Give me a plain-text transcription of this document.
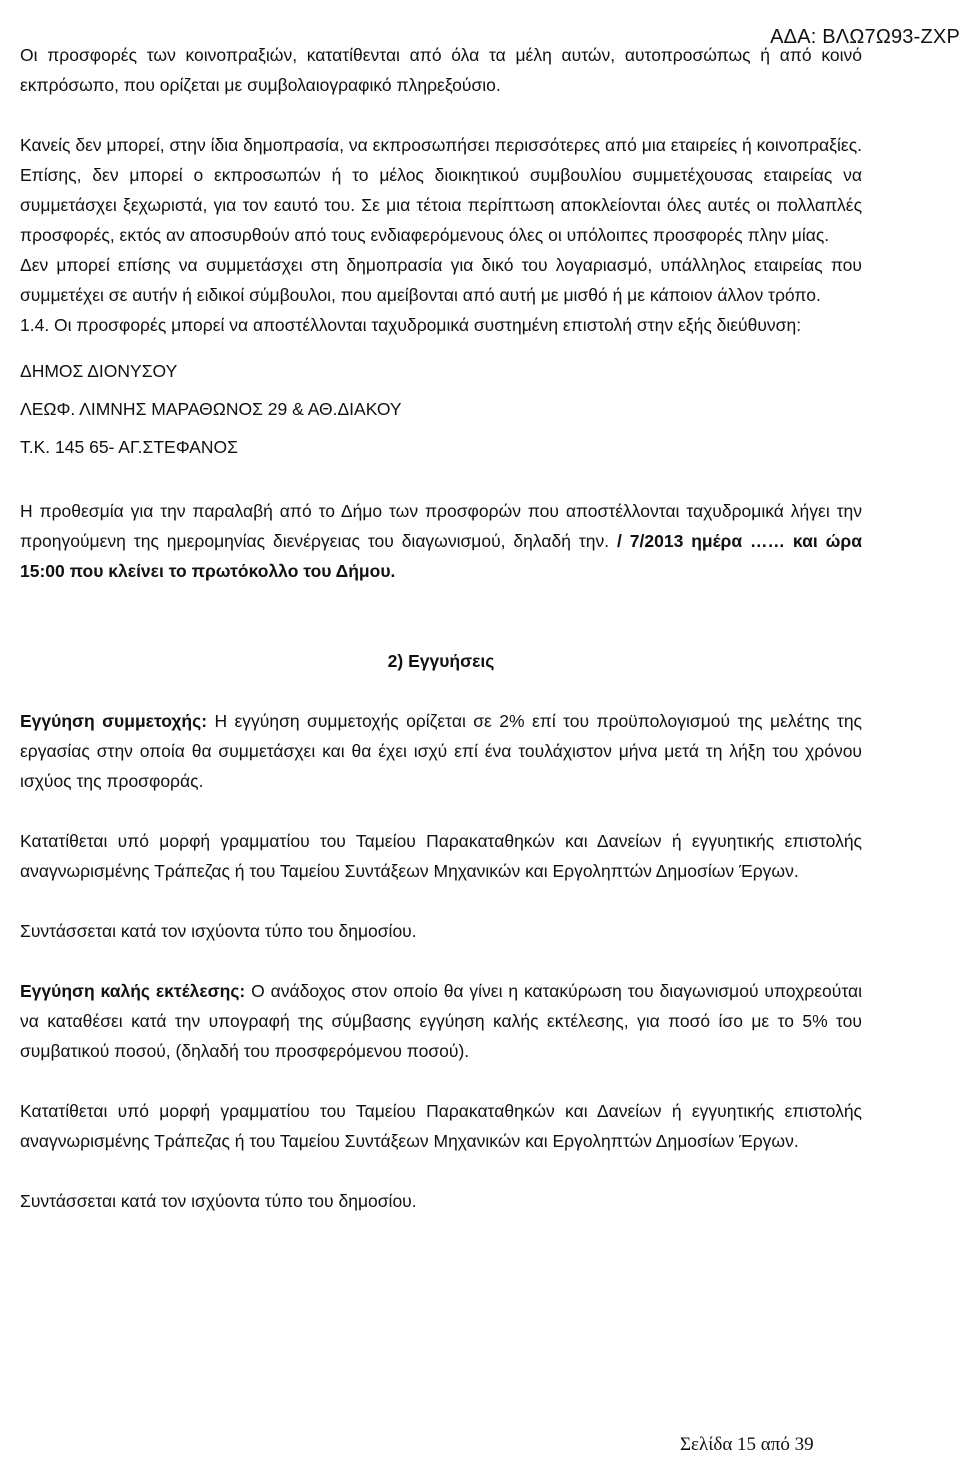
ΑΔΑ: ΒΛΩ7Ω93-ΖΧΡ

Οι προσφορές των κοινοπραξιών, κατατίθενται από όλα τα μέλη αυτών, αυτοπροσώπως ή από κοινό εκπρόσωπο, που ορίζεται με συμβολαιογραφικό πληρεξούσιο.

Κανείς δεν μπορεί, στην ίδια δημοπρασία, να εκπροσωπήσει περισσότερες από μια εταιρείες ή κοινοπραξίες. Επίσης, δεν μπορεί ο εκπροσωπών ή το μέλος διοικητικού συμβουλίου συμμετέχουσας εταιρείας να συμμετάσχει ξεχωριστά, για τον εαυτό του. Σε μια τέτοια περίπτωση αποκλείονται όλες αυτές οι πολλαπλές προσφορές, εκτός αν αποσυρθούν από τους ενδιαφερόμενους όλες οι υπόλοιπες προσφορές πλην μίας.

Δεν μπορεί επίσης να συμμετάσχει στη δημοπρασία για δικό του λογαριασμό, υπάλληλος εταιρείας που συμμετέχει σε αυτήν ή ειδικοί σύμβουλοι, που αμείβονται από αυτή με μισθό ή με κάποιον άλλον τρόπο.

1.4. Οι προσφορές μπορεί να αποστέλλονται ταχυδρομικά συστημένη επιστολή στην εξής διεύθυνση:

ΔΗΜΟΣ ΔΙΟΝΥΣΟΥ

ΛΕΩΦ. ΛΙΜΝΗΣ ΜΑΡΑΘΩΝΟΣ 29 & ΑΘ.ΔΙΑΚΟΥ

Τ.Κ. 145 65- ΑΓ.ΣΤΕΦΑΝΟΣ

Η προθεσμία για την παραλαβή από το Δήμο των προσφορών που αποστέλλονται ταχυδρομικά λήγει την προηγούμενη της ημερομηνίας διενέργειας του διαγωνισμού, δηλαδή την. / 7/2013 ημέρα …… και ώρα 15:00 που κλείνει το πρωτόκολλο του Δήμου.

2) Εγγυήσεις

Εγγύηση συμμετοχής: Η εγγύηση συμμετοχής ορίζεται σε 2% επί του προϋπολογισμού της μελέτης της εργασίας στην οποία θα συμμετάσχει και θα έχει ισχύ επί ένα τουλάχιστον μήνα μετά τη λήξη του χρόνου ισχύος της προσφοράς.

Κατατίθεται υπό μορφή γραμματίου του Ταμείου Παρακαταθηκών και Δανείων ή εγγυητικής επιστολής αναγνωρισμένης Τράπεζας ή του Ταμείου Συντάξεων Μηχανικών και Εργοληπτών Δημοσίων Έργων.

Συντάσσεται κατά τον ισχύοντα τύπο του δημοσίου.

Εγγύηση καλής εκτέλεσης: Ο ανάδοχος στον οποίο θα γίνει η κατακύρωση του διαγωνισμού υποχρεούται να καταθέσει κατά την υπογραφή της σύμβασης εγγύηση καλής εκτέλεσης, για ποσό ίσο με το 5% του συμβατικού ποσού, (δηλαδή του προσφερόμενου ποσού).

Κατατίθεται υπό μορφή γραμματίου του Ταμείου Παρακαταθηκών και Δανείων ή εγγυητικής επιστολής αναγνωρισμένης Τράπεζας ή του Ταμείου Συντάξεων Μηχανικών και Εργοληπτών Δημοσίων Έργων.

Συντάσσεται κατά τον ισχύοντα τύπο του δημοσίου.

Σελίδα 15 από 39
